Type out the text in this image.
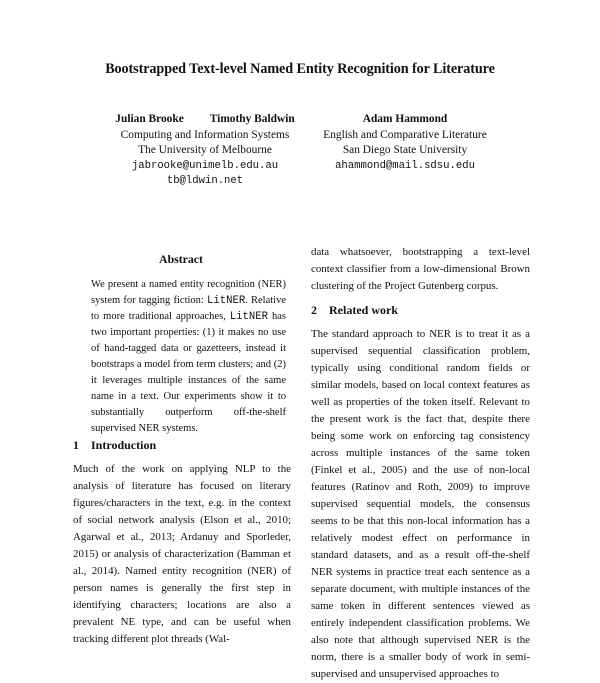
Bootstrapped Text-level Named Entity Recognition for Literature
Julian Brooke Timothy Baldwin
Computing and Information Systems
The University of Melbourne
jabrooke@unimelb.edu.au
tb@ldwin.net
Adam Hammond
English and Comparative Literature
San Diego State University
ahammond@mail.sdsu.edu
Abstract
We present a named entity recognition (NER) system for tagging fiction: LitNER. Relative to more traditional approaches, LitNER has two important properties: (1) it makes no use of hand-tagged data or gazetteers, instead it bootstraps a model from term clusters; and (2) it leverages multiple instances of the same name in a text. Our experiments show it to substantially outperform off-the-shelf supervised NER systems.
1 Introduction
Much of the work on applying NLP to the analysis of literature has focused on literary figures/characters in the text, e.g. in the context of social network analysis (Elson et al., 2010; Agarwal et al., 2013; Ardanuy and Sporleder, 2015) or analysis of characterization (Bamman et al., 2014). Named entity recognition (NER) of person names is generally the first step in identifying characters; locations are also a prevalent NE type, and can be useful when tracking different plot threads (Wal-
data whatsoever, bootstrapping a text-level context classifier from a low-dimensional Brown clustering of the Project Gutenberg corpus.
2 Related work
The standard approach to NER is to treat it as a supervised sequential classification problem, typically using conditional random fields or similar models, based on local context features as well as properties of the token itself. Relevant to the present work is the fact that, despite there being some work on enforcing tag consistency across multiple instances of the same token (Finkel et al., 2005) and the use of non-local features (Ratinov and Roth, 2009) to improve supervised sequential models, the consensus seems to be that this non-local information has a relatively modest effect on performance in standard datasets, and as a result off-the-shelf NER systems in practice treat each sentence as a separate document, with multiple instances of the same token in different sentences viewed as entirely independent classification problems. We also note that although supervised NER is the norm, there is a smaller body of work in semi-supervised and unsupervised approaches to
